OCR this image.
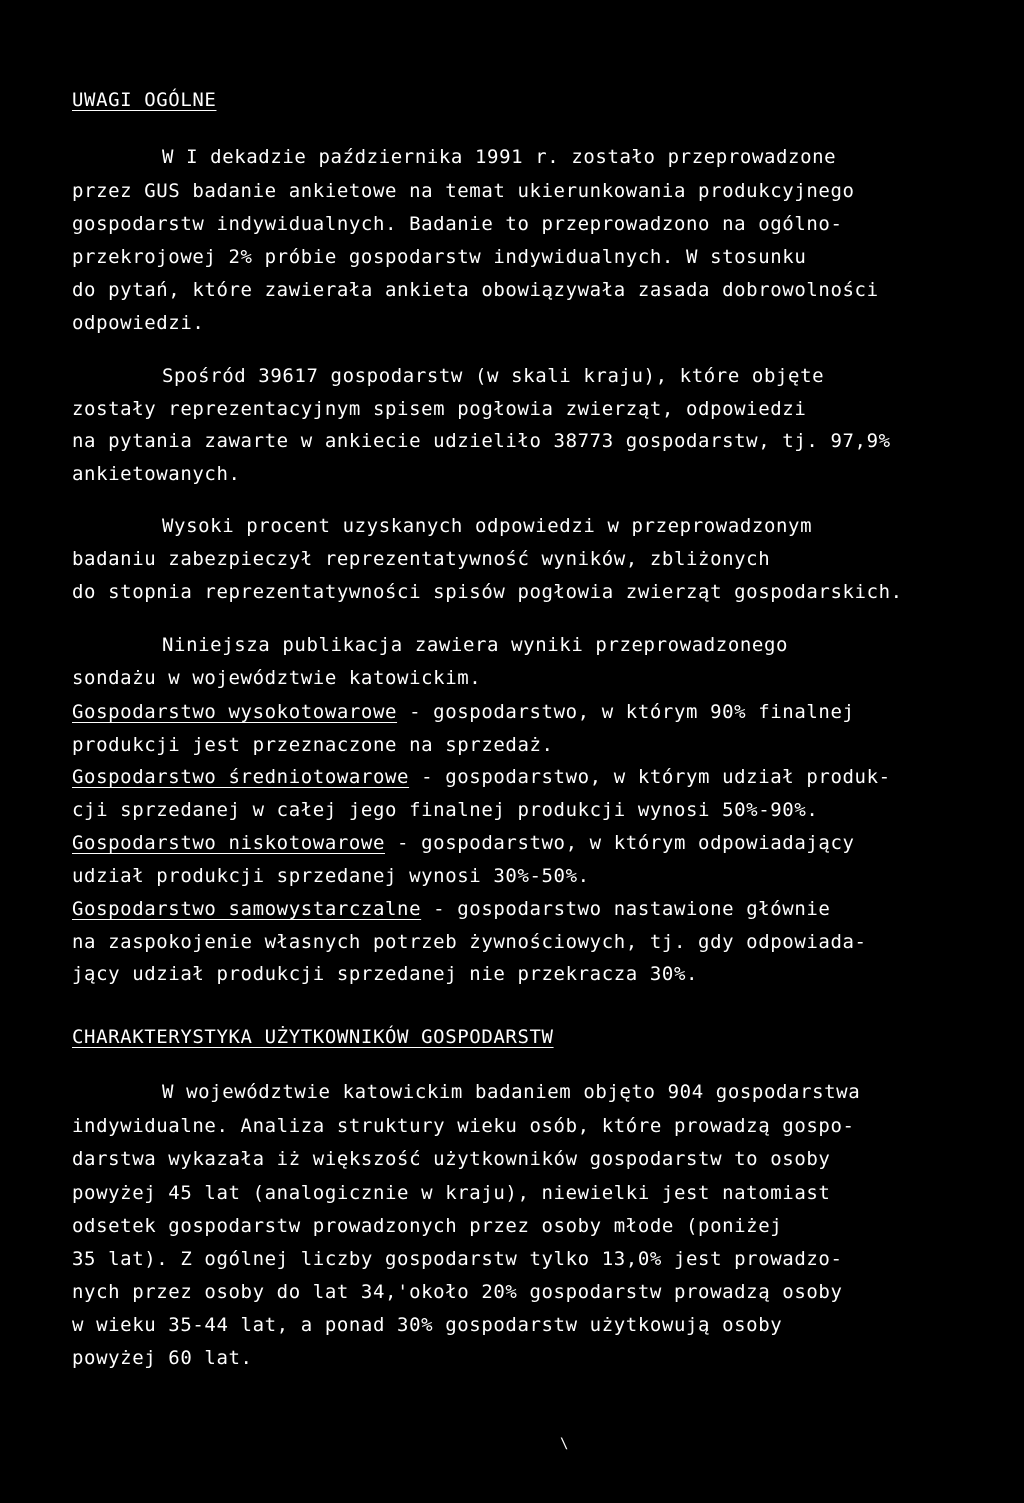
UWAGI OGÓLNE
W I dekadzie października 1991 r. zostało przeprowadzone
przez GUS badanie ankietowe na temat ukierunkowania produkcyjnego
gospodarstw indywidualnych. Badanie to przeprowadzono na ogólno-
przekrojowej 2% próbie gospodarstw indywidualnych. W stosunku
do pytań, które zawierała ankieta obowiązywała zasada dobrowolności
odpowiedzi.
Spośród 39617 gospodarstw (w skali kraju), które objęte
zostały reprezentacyjnym spisem pogłowia zwierząt, odpowiedzi
na pytania zawarte w ankiecie udzieliło 38773 gospodarstw, tj. 97,9%
ankietowanych.
Wysoki procent uzyskanych odpowiedzi w przeprowadzonym
badaniu zabezpieczył reprezentatywność wyników, zbliżonych
do stopnia reprezentatywności spisów pogłowia zwierząt gospodarskich.
Niniejsza publikacja zawiera wyniki przeprowadzonego
sondażu w województwie katowickim.
Gospodarstwo wysokotowarowe - gospodarstwo, w którym 90% finalnej
produkcji jest przeznaczone na sprzedaż.
Gospodarstwo średniotowarowe - gospodarstwo, w którym udział produk-
cji sprzedanej w całej jego finalnej produkcji wynosi 50%-90%.
Gospodarstwo niskotowarowe - gospodarstwo, w którym odpowiadający
udział produkcji sprzedanej wynosi 30%-50%.
Gospodarstwo samowystarczalne - gospodarstwo nastawione głównie
na zaspokojenie własnych potrzeb żywnościowych, tj. gdy odpowiada-
jący udział produkcji sprzedanej nie przekracza 30%.
CHARAKTERYSTYKA UŻYTKOWNIKÓW GOSPODARSTW
W województwie katowickim badaniem objęto 904 gospodarstwa
indywidualne. Analiza struktury wieku osób, które prowadzą gospo-
darstwa wykazała iż większość użytkowników gospodarstw to osoby
powyżej 45 lat (analogicznie w kraju), niewielki jest natomiast
odsetek gospodarstw prowadzonych przez osoby młode (poniżej
35 lat). Z ogólnej liczby gospodarstw tylko 13,0% jest prowadzo-
nych przez osoby do lat 34,'około 20% gospodarstw prowadzą osoby
w wieku 35-44 lat, a ponad 30% gospodarstw użytkowują osoby
powyżej 60 lat.
\
